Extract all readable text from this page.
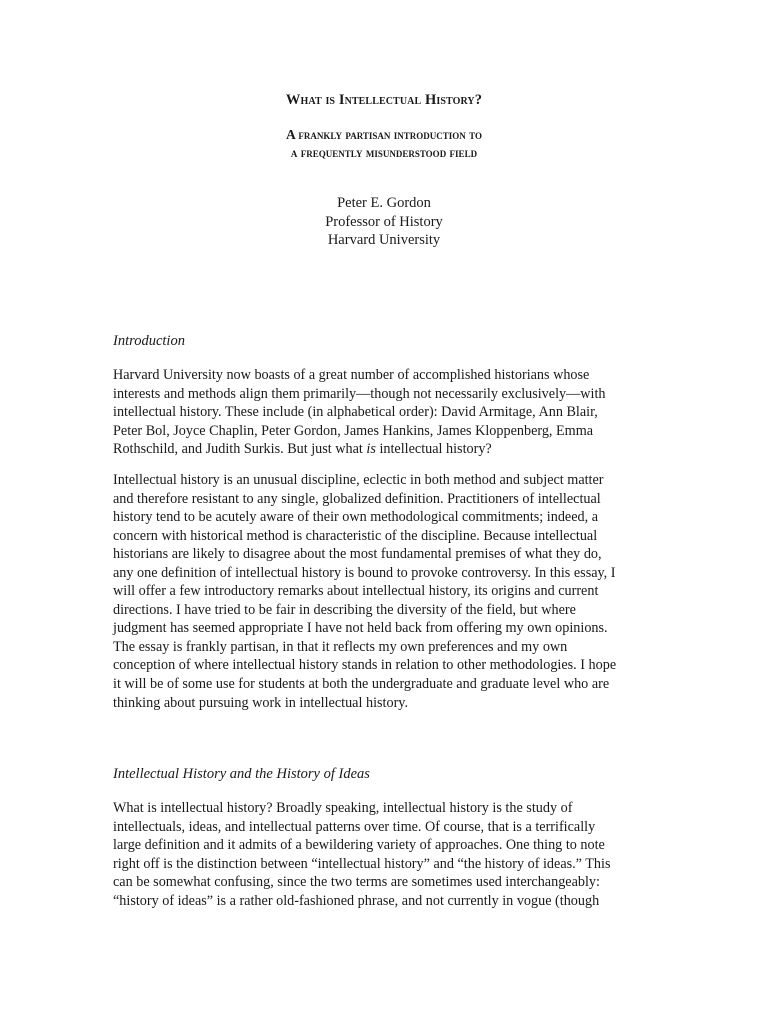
What is Intellectual History?
A frankly partisan introduction to
a frequently misunderstood field
Peter E. Gordon
Professor of History
Harvard University
Introduction
Harvard University now boasts of a great number of accomplished historians whose
interests and methods align them primarily—though not necessarily exclusively—with
intellectual history. These include (in alphabetical order): David Armitage, Ann Blair,
Peter Bol, Joyce Chaplin, Peter Gordon, James Hankins, James Kloppenberg, Emma
Rothschild, and Judith Surkis. But just what is intellectual history?
Intellectual history is an unusual discipline, eclectic in both method and subject matter
and therefore resistant to any single, globalized definition. Practitioners of intellectual
history tend to be acutely aware of their own methodological commitments; indeed, a
concern with historical method is characteristic of the discipline. Because intellectual
historians are likely to disagree about the most fundamental premises of what they do,
any one definition of intellectual history is bound to provoke controversy. In this essay, I
will offer a few introductory remarks about intellectual history, its origins and current
directions. I have tried to be fair in describing the diversity of the field, but where
judgment has seemed appropriate I have not held back from offering my own opinions.
The essay is frankly partisan, in that it reflects my own preferences and my own
conception of where intellectual history stands in relation to other methodologies. I hope
it will be of some use for students at both the undergraduate and graduate level who are
thinking about pursuing work in intellectual history.
Intellectual History and the History of Ideas
What is intellectual history? Broadly speaking, intellectual history is the study of
intellectuals, ideas, and intellectual patterns over time. Of course, that is a terrifically
large definition and it admits of a bewildering variety of approaches. One thing to note
right off is the distinction between “intellectual history” and “the history of ideas.” This
can be somewhat confusing, since the two terms are sometimes used interchangeably:
“history of ideas” is a rather old-fashioned phrase, and not currently in vogue (though
